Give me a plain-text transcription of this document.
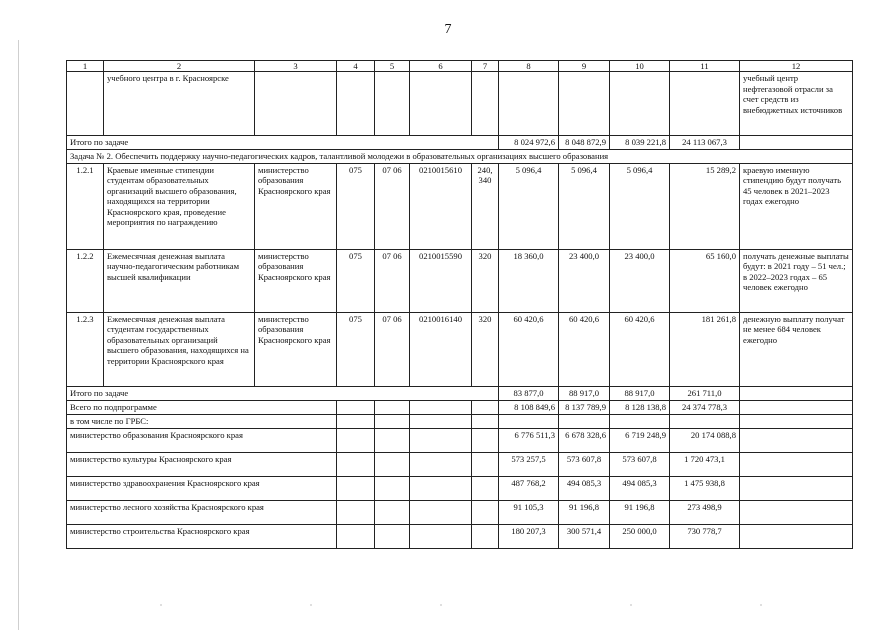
7
1	2	3	4	5	6	7	8	9	10	11	12
	учебного центра в г. Красноярске										учебный центр нефтегазовой отрасли за счет средств из внебюджетных источников
Итого по задаче							8 024 972,6	8 048 872,9	8 039 221,8	24 113 067,3	
Задача № 2. Обеспечить поддержку научно-педагогических кадров, талантливой молодежи в образовательных организациях высшего образования											
1.2.1	Краевые именные стипендии студентам образовательных организаций высшего образования, находящихся на территории Красноярского края, проведение мероприятия по награждению	министерство образования Красноярского края	075	07 06	0210015610	240, 340	5 096,4	5 096,4	5 096,4	15 289,2	краевую именную стипендию будут получать 45 человек в 2021–2023 годах ежегодно
1.2.2	Ежемесячная денежная выплата научно-педагогическим работникам высшей квалификации	министерство образования Красноярского края	075	07 06	0210015590	320	18 360,0	23 400,0	23 400,0	65 160,0	получать денежные выплаты будут: в 2021 году – 51 чел.; в 2022–2023 годах – 65 человек ежегодно
1.2.3	Ежемесячная денежная выплата студентам государственных образовательных организаций высшего образования, находящихся на территории Красноярского края	министерство образования Красноярского края	075	07 06	0210016140	320	60 420,6	60 420,6	60 420,6	181 261,8	денежную выплату получат не менее 684 человек ежегодно
Итого по задаче							83 877,0	88 917,0	88 917,0	261 711,0	
Всего по подпрограмме							8 108 849,6	8 137 789,9	8 128 138,8	24 374 778,3	
в том числе по ГРБС:											
министерство образования Красноярского края							6 776 511,3	6 678 328,6	6 719 248,9	20 174 088,8	
министерство культуры Красноярского края							573 257,5	573 607,8	573 607,8	1 720 473,1	
министерство здравоохранения Красноярского края							487 768,2	494 085,3	494 085,3	1 475 938,8	
министерство лесного хозяйства Красноярского края							91 105,3	91 196,8	91 196,8	273 498,9	
министерство строительства Красноярского края							180 207,3	300 571,4	250 000,0	730 778,7	
